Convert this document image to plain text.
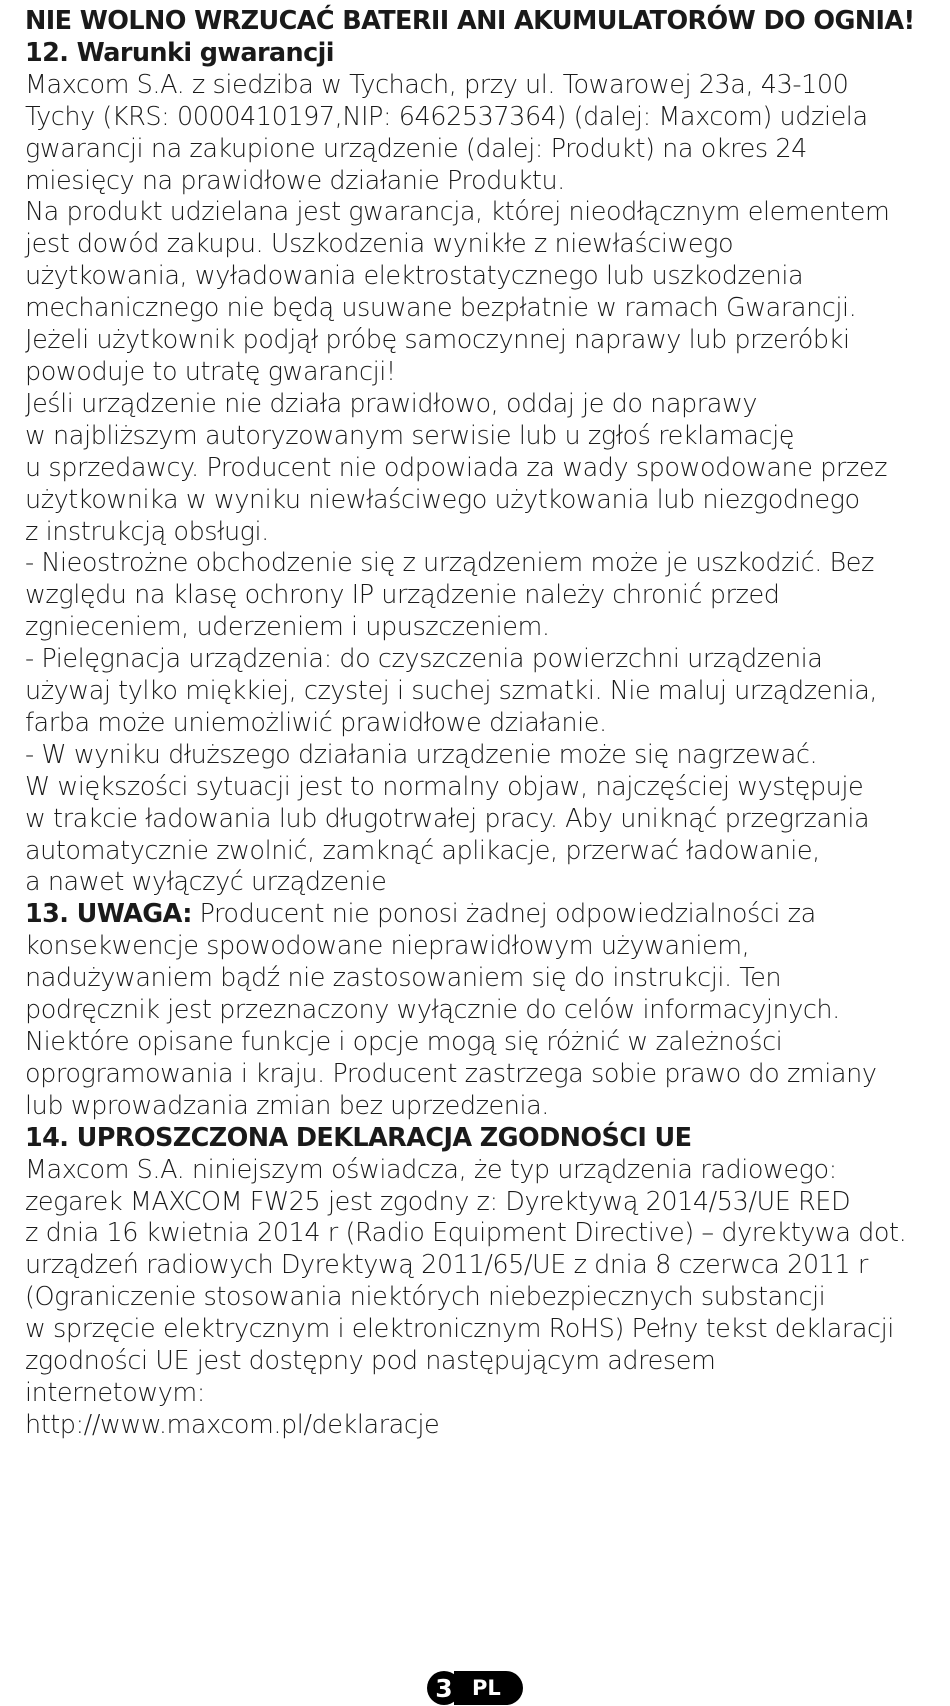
NIE WOLNO WRZUCAĆ BATERII ANI AKUMULATORÓW DO OGNIA!
12. Warunki gwarancji
Maxcom S.A. z siedziba w Tychach, przy ul. Towarowej 23a, 43-100
Tychy (KRS: 0000410197,NIP: 6462537364) (dalej: Maxcom) udziela
gwarancji na zakupione urządzenie (dalej: Produkt) na okres 24
miesięcy na prawidłowe działanie Produktu.
Na produkt udzielana jest gwarancja, której nieodłącznym elementem
jest dowód zakupu. Uszkodzenia wynikłe z niewłaściwego
użytkowania, wyładowania elektrostatycznego lub uszkodzenia
mechanicznego nie będą usuwane bezpłatnie w ramach Gwarancji.
Jeżeli użytkownik podjął próbę samoczynnej naprawy lub przeróbki
powoduje to utratę gwarancji!
Jeśli urządzenie nie działa prawidłowo, oddaj je do naprawy
w najbliższym autoryzowanym serwisie lub u zgłoś reklamację
u sprzedawcy. Producent nie odpowiada za wady spowodowane przez
użytkownika w wyniku niewłaściwego użytkowania lub niezgodnego
z instrukcją obsługi.
- Nieostrożne obchodzenie się z urządzeniem może je uszkodzić. Bez
względu na klasę ochrony IP urządzenie należy chronić przed
zgnieceniem, uderzeniem i upuszczeniem.
- Pielęgnacja urządzenia: do czyszczenia powierzchni urządzenia
używaj tylko miękkiej, czystej i suchej szmatki. Nie maluj urządzenia,
farba może uniemożliwić prawidłowe działanie.
- W wyniku dłuższego działania urządzenie może się nagrzewać.
W większości sytuacji jest to normalny objaw, najczęściej występuje
w trakcie ładowania lub długotrwałej pracy. Aby uniknąć przegrzania
automatycznie zwolnić, zamknąć aplikacje, przerwać ładowanie,
a nawet wyłączyć urządzenie
13. UWAGA: Producent nie ponosi żadnej odpowiedzialności za
konsekwencje spowodowane nieprawidłowym używaniem,
nadużywaniem bądź nie zastosowaniem się do instrukcji. Ten
podręcznik jest przeznaczony wyłącznie do celów informacyjnych.
Niektóre opisane funkcje i opcje mogą się różnić w zależności
oprogramowania i kraju. Producent zastrzega sobie prawo do zmiany
lub wprowadzania zmian bez uprzedzenia.
14. UPROSZCZONA DEKLARACJA ZGODNOŚCI UE
Maxcom S.A. niniejszym oświadcza, że typ urządzenia radiowego:
zegarek MAXCOM FW25 jest zgodny z: Dyrektywą 2014/53/UE RED
z dnia 16 kwietnia 2014 r (Radio Equipment Directive) – dyrektywa dot.
urządzeń radiowych Dyrektywą 2011/65/UE z dnia 8 czerwca 2011 r
(Ograniczenie stosowania niektórych niebezpiecznych substancji
w sprzęcie elektrycznym i elektronicznym RoHS) Pełny tekst deklaracji
zgodności UE jest dostępny pod następującym adresem
internetowym:
http://www.maxcom.pl/deklaracje
3 PL
